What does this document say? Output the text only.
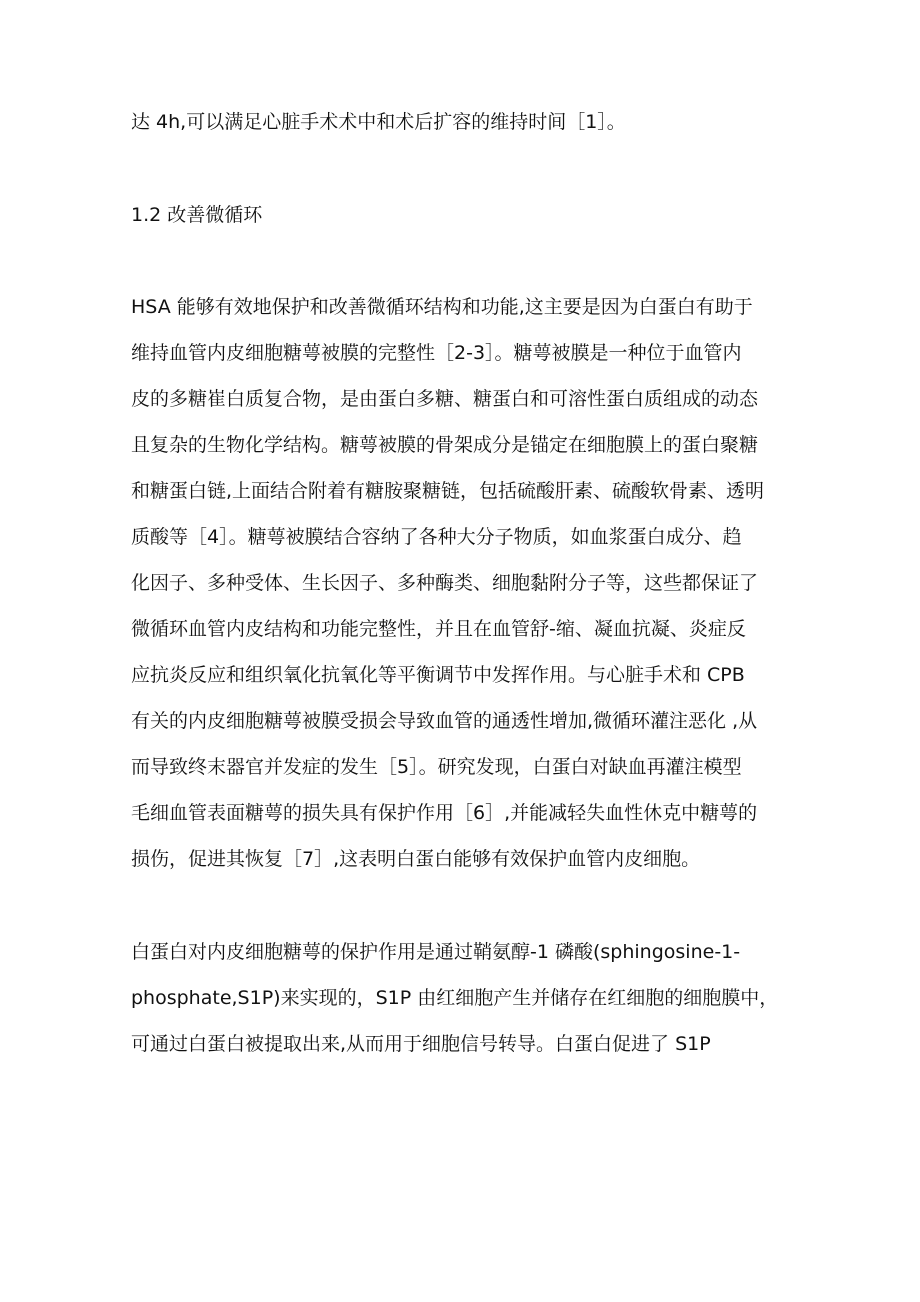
达 4h,可以满足心脏手术术中和术后扩容的维持时间［1］。
1.2 改善微循环
HSA 能够有效地保护和改善微循环结构和功能,这主要是因为白蛋白有助于
维持血管内皮细胞糖萼被膜的完整性［2-3］。糖萼被膜是一种位于血管内
皮的多糖崔白质复合物，是由蛋白多糖、糖蛋白和可溶性蛋白质组成的动态
且复杂的生物化学结构。糖萼被膜的骨架成分是锚定在细胞膜上的蛋白聚糖
和糖蛋白链,上面结合附着有糖胺聚糖链，包括硫酸肝素、硫酸软骨素、透明
质酸等［4］。糖萼被膜结合容纳了各种大分子物质，如血浆蛋白成分、趋
化因子、多种受体、生长因子、多种酶类、细胞黏附分子等，这些都保证了
微循环血管内皮结构和功能完整性，并且在血管舒-缩、凝血抗凝、炎症反
应抗炎反应和组织氧化抗氧化等平衡调节中发挥作用。与心脏手术和 CPB
有关的内皮细胞糖萼被膜受损会导致血管的通透性增加,微循环灌注恶化 ,从
而导致终末器官并发症的发生［5］。研究发现，白蛋白对缺血再灌注模型
毛细血管表面糖萼的损失具有保护作用［6］,并能减轻失血性休克中糖萼的
损伤，促进其恢复［7］,这表明白蛋白能够有效保护血管内皮细胞。
白蛋白对内皮细胞糖萼的保护作用是通过鞘氨醇-1 磷酸(sphingosine-1-
phosphate,S1P)来实现的，S1P 由红细胞产生并储存在红细胞的细胞膜中，
可通过白蛋白被提取出来,从而用于细胞信号转导。白蛋白促进了 S1P
